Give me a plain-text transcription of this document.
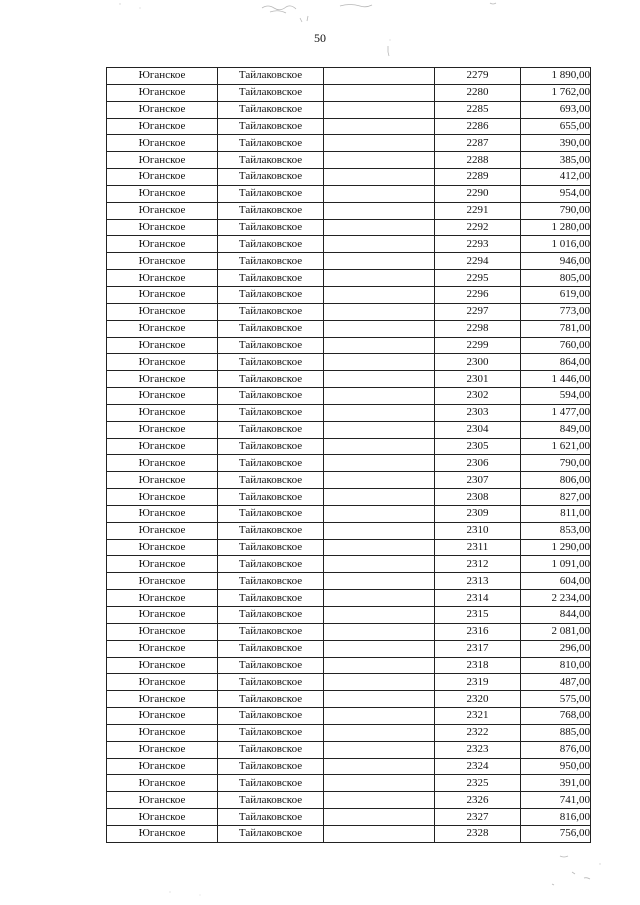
50
Юганское	Тайлаковское		2279	1 890,00
Юганское	Тайлаковское		2280	1 762,00
Юганское	Тайлаковское		2285	693,00
Юганское	Тайлаковское		2286	655,00
Юганское	Тайлаковское		2287	390,00
Юганское	Тайлаковское		2288	385,00
Юганское	Тайлаковское		2289	412,00
Юганское	Тайлаковское		2290	954,00
Юганское	Тайлаковское		2291	790,00
Юганское	Тайлаковское		2292	1 280,00
Юганское	Тайлаковское		2293	1 016,00
Юганское	Тайлаковское		2294	946,00
Юганское	Тайлаковское		2295	805,00
Юганское	Тайлаковское		2296	619,00
Юганское	Тайлаковское		2297	773,00
Юганское	Тайлаковское		2298	781,00
Юганское	Тайлаковское		2299	760,00
Юганское	Тайлаковское		2300	864,00
Юганское	Тайлаковское		2301	1 446,00
Юганское	Тайлаковское		2302	594,00
Юганское	Тайлаковское		2303	1 477,00
Юганское	Тайлаковское		2304	849,00
Юганское	Тайлаковское		2305	1 621,00
Юганское	Тайлаковское		2306	790,00
Юганское	Тайлаковское		2307	806,00
Юганское	Тайлаковское		2308	827,00
Юганское	Тайлаковское		2309	811,00
Юганское	Тайлаковское		2310	853,00
Юганское	Тайлаковское		2311	1 290,00
Юганское	Тайлаковское		2312	1 091,00
Юганское	Тайлаковское		2313	604,00
Юганское	Тайлаковское		2314	2 234,00
Юганское	Тайлаковское		2315	844,00
Юганское	Тайлаковское		2316	2 081,00
Юганское	Тайлаковское		2317	296,00
Юганское	Тайлаковское		2318	810,00
Юганское	Тайлаковское		2319	487,00
Юганское	Тайлаковское		2320	575,00
Юганское	Тайлаковское		2321	768,00
Юганское	Тайлаковское		2322	885,00
Юганское	Тайлаковское		2323	876,00
Юганское	Тайлаковское		2324	950,00
Юганское	Тайлаковское		2325	391,00
Юганское	Тайлаковское		2326	741,00
Юганское	Тайлаковское		2327	816,00
Юганское	Тайлаковское		2328	756,00
